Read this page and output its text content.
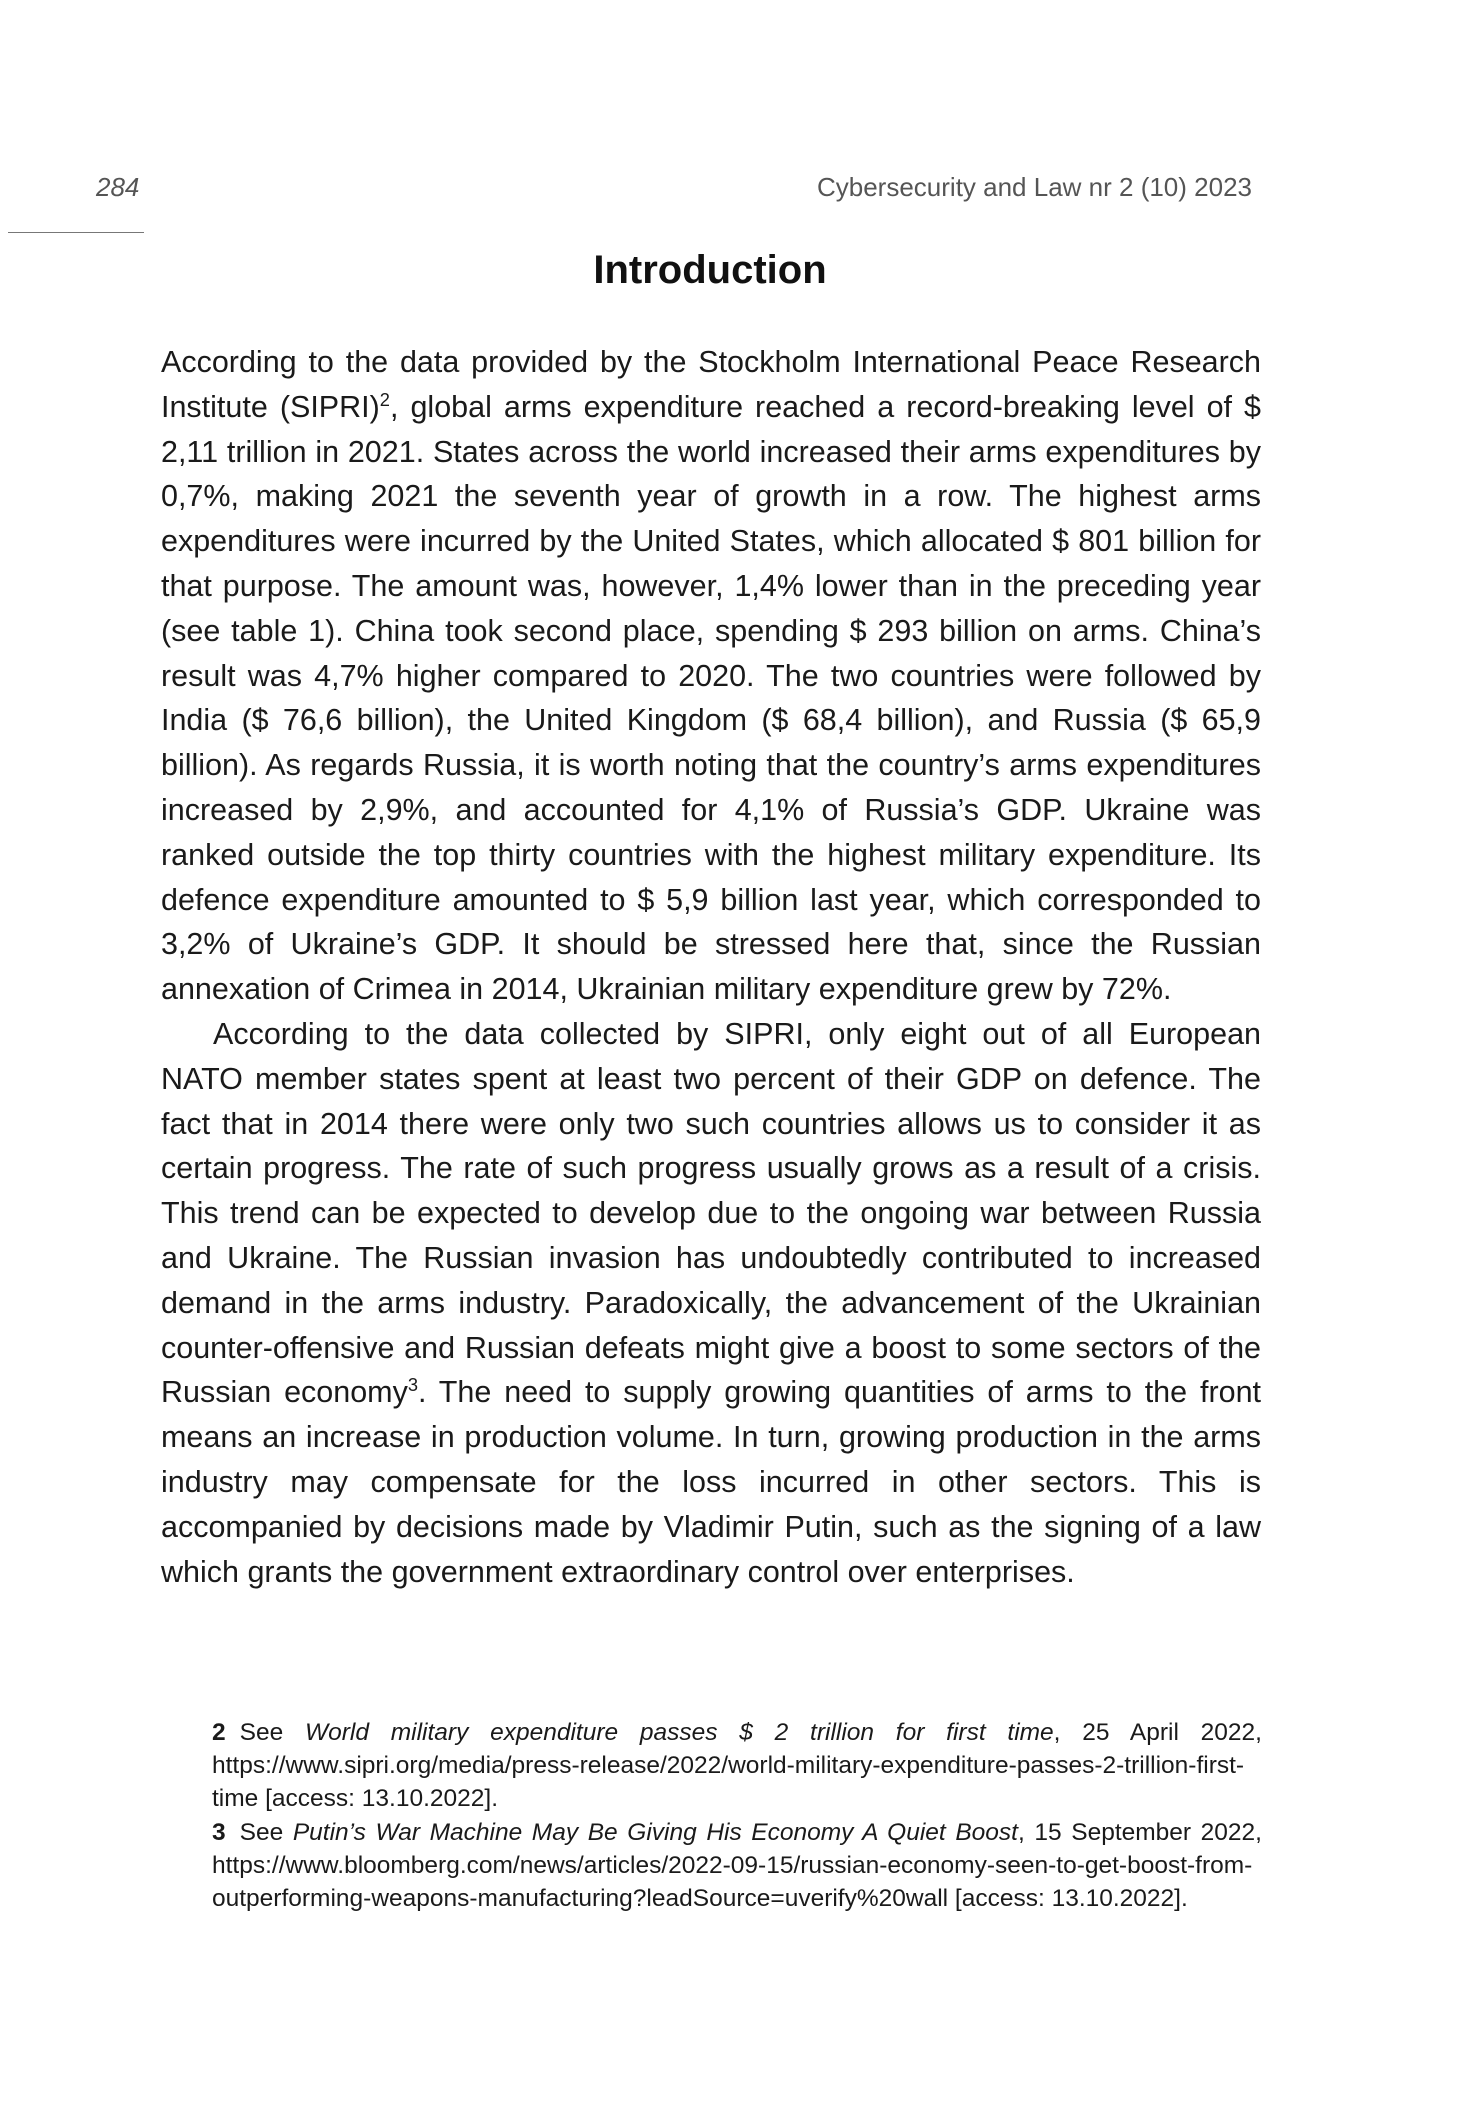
284	Cybersecurity and Law nr 2 (10) 2023
Introduction

According to the data provided by the Stockholm International Peace Research Institute (SIPRI)$^2$, global arms expenditure reached a record-breaking level of $ 2,11 trillion in 2021. States across the world increased their arms expenditures by 0,7%, making 2021 the seventh year of growth in a row. The highest arms expenditures were incurred by the United States, which allocated $ 801 billion for that purpose. The amount was, however, 1,4% lower than in the preceding year (see table 1). China took second place, spending $ 293 billion on arms. China’s result was 4,7% higher compared to 2020. The two countries were followed by India ($ 76,6 billion), the United Kingdom ($ 68,4 billion), and Russia ($ 65,9 billion). As regards Russia, it is worth noting that the country’s arms expenditures increased by 2,9%, and accounted for 4,1% of Russia’s GDP. Ukraine was ranked outside the top thirty countries with the highest military expenditure. Its defence expenditure amounted to $ 5,9 billion last year, which corresponded to 3,2% of Ukraine’s GDP. It should be stressed here that, since the Russian annexation of Crimea in 2014, Ukrainian military expenditure grew by 72%.

According to the data collected by SIPRI, only eight out of all European NATO member states spent at least two percent of their GDP on defence. The fact that in 2014 there were only two such countries allows us to consider it as certain progress. The rate of such progress usually grows as a result of a crisis. This trend can be expected to develop due to the ongoing war between Russia and Ukraine. The Russian invasion has undoubtedly contributed to increased demand in the arms industry. Paradoxically, the advancement of the Ukrainian counter-offensive and Russian defeats might give a boost to some sectors of the Russian economy$^3$. The need to supply growing quantities of arms to the front means an increase in production volume. In turn, growing production in the arms industry may compensate for the loss incurred in other sectors. This is accompanied by decisions made by Vladimir Putin, such as the signing of a law which grants the government extraordinary control over enterprises.

2 See World military expenditure passes $ 2 trillion for first time, 25 April 2022, https://www.sipri.org/media/press-release/2022/world-military-expenditure-passes-2-trillion-first-time [access: 13.10.2022].

3 See Putin’s War Machine May Be Giving His Economy A Quiet Boost, 15 September 2022, https://www.bloomberg.com/news/articles/2022-09-15/russian-economy-seen-to-get-boost-from-outperforming-weapons-manufacturing?leadSource=uverify%20wall [access: 13.10.2022].
